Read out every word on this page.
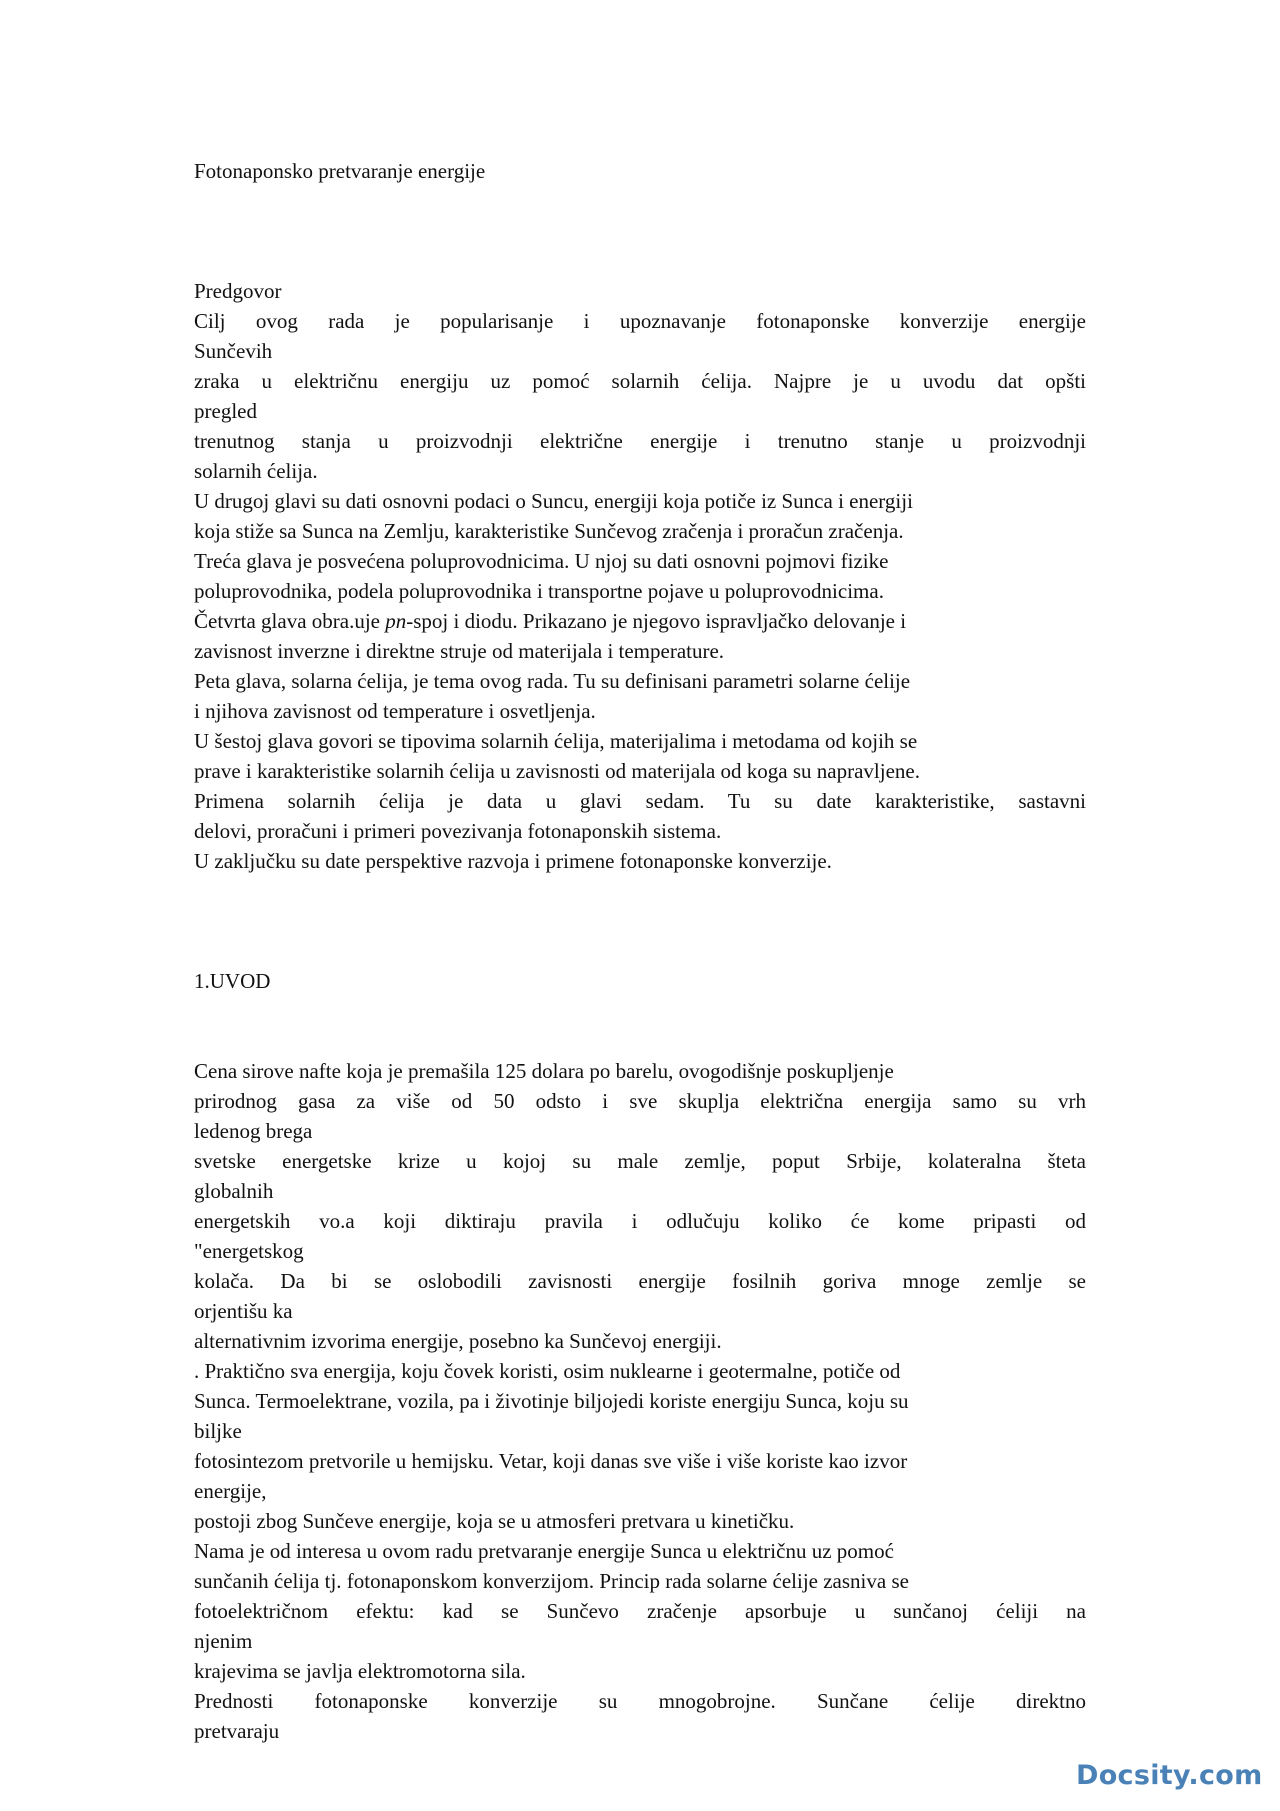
Fotonaponsko pretvaranje energije
Predgovor
Cilj ovog rada je popularisanje i upoznavanje fotonaponske konverzije energije
Sunčevih
zraka u električnu energiju uz pomoć solarnih ćelija. Najpre je u uvodu dat opšti
pregled
trenutnog stanja u proizvodnji električne energije i trenutno stanje u proizvodnji
solarnih ćelija.
U drugoj glavi su dati osnovni podaci o Suncu, energiji koja potiče iz Sunca i energiji
koja stiže sa Sunca na Zemlju, karakteristike Sunčevog zračenja i proračun zračenja.
Treća glava je posvećena poluprovodnicima. U njoj su dati osnovni pojmovi fizike
poluprovodnika, podela poluprovodnika i transportne pojave u poluprovodnicima.
Četvrta glava obra.uje pn-spoj i diodu. Prikazano je njegovo ispravljačko delovanje i
zavisnost inverzne i direktne struje od materijala i temperature.
Peta glava, solarna ćelija, je tema ovog rada. Tu su definisani parametri solarne ćelije
i njihova zavisnost od temperature i osvetljenja.
U šestoj glava govori se tipovima solarnih ćelija, materijalima i metodama od kojih se
prave i karakteristike solarnih ćelija u zavisnosti od materijala od koga su napravljene.
Primena solarnih ćelija je data u glavi sedam. Tu su date karakteristike, sastavni
delovi, proračuni i primeri povezivanja fotonaponskih sistema.
U zaključku su date perspektive razvoja i primene fotonaponske konverzije.
1.UVOD
Cena sirove nafte koja je premašila 125 dolara po barelu, ovogodišnje poskupljenje
prirodnog gasa za više od 50 odsto i sve skuplja električna energija samo su vrh
ledenog brega
svetske energetske krize u kojoj su male zemlje, poput Srbije, kolateralna šteta
globalnih
energetskih vo.a koji diktiraju pravila i odlučuju koliko će kome pripasti od
"energetskog
kolača. Da bi se oslobodili zavisnosti energije fosilnih goriva mnoge zemlje se
orjentišu ka
alternativnim izvorima energije, posebno ka Sunčevoj energiji.
. Praktično sva energija, koju čovek koristi, osim nuklearne i geotermalne, potiče od
Sunca. Termoelektrane, vozila, pa i životinje biljojedi koriste energiju Sunca, koju su
biljke
fotosintezom pretvorile u hemijsku. Vetar, koji danas sve više i više koriste kao izvor
energije,
postoji zbog Sunčeve energije, koja se u atmosferi pretvara u kinetičku.
Nama je od interesa u ovom radu pretvaranje energije Sunca u električnu uz pomoć
sunčanih ćelija tj. fotonaponskom konverzijom. Princip rada solarne ćelije zasniva se
fotoelektričnom efektu: kad se Sunčevo zračenje apsorbuje u sunčanoj ćeliji na
njenim
krajevima se javlja elektromotorna sila.
Prednosti fotonaponske konverzije su mnogobrojne. Sunčane ćelije direktno
pretvaraju
Docsity.com
